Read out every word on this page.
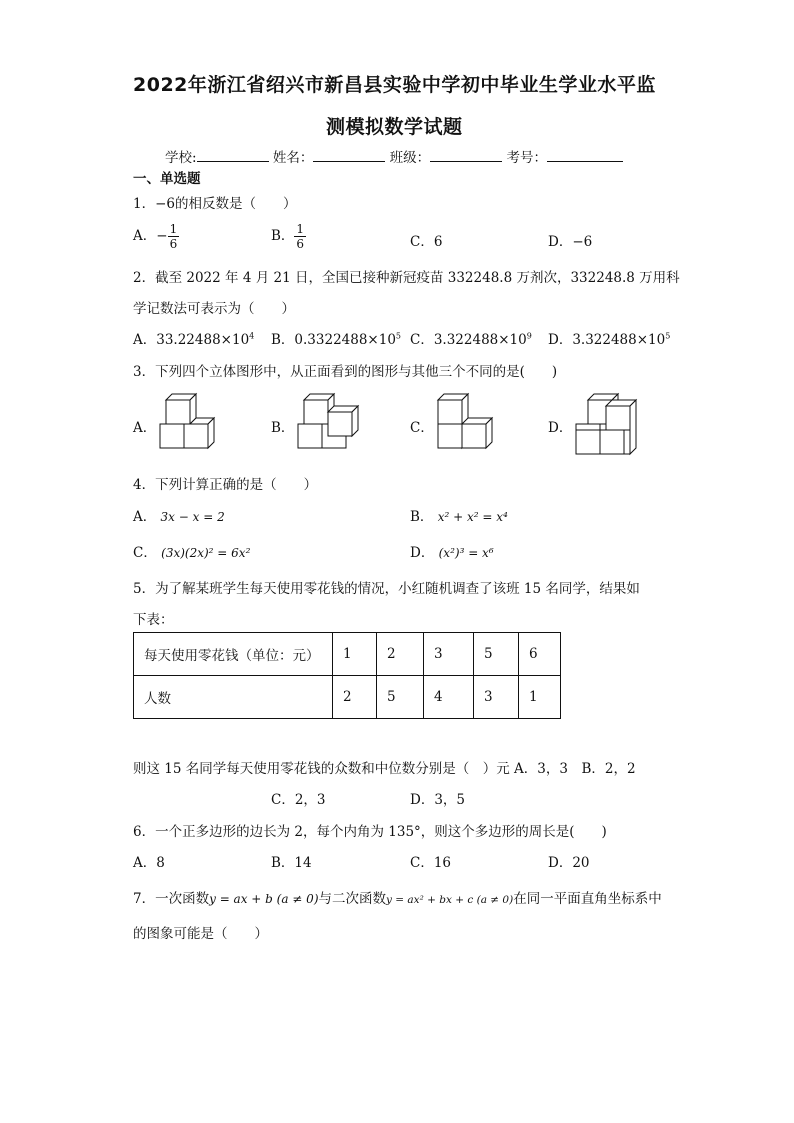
2022年浙江省绍兴市新昌县实验中学初中毕业生学业水平监
测模拟数学试题
学校:	姓名：	班级：	考号：
一、单选题
1．−6的相反数是（　　）
A．− $\frac{1}{6}$	B． $\frac{1}{6}$	C．6	D．−6
2．截至 2022 年 4 月 21 日，全国已接种新冠疫苗 332248.8 万剂次，332248.8 万用科
学记数法可表示为（　　）
A．$33.22488\times 10^4$ B．$0.3322488\times 10^5$ C．$3.322488\times 10^9$ D．$3.322488\times 10^5$
3．下列四个立体图形中，从正面看到的图形与其他三个不同的是(　　)
A．	B．	C．	D．
4．下列计算正确的是（　　）
A． 3x − x = 2	B． x² + x² = x⁴
C． (3x)(2x)² = 6x²	D． (x²)³ = x⁶
5．为了解某班学生每天使用零花钱的情况，小红随机调查了该班 15 名同学，结果如
下表：
每天使用零花钱（单位：元）	1	2	3	5	6
人数	2	5	4	3	1
则这 15 名同学每天使用零花钱的众数和中位数分别是（　）元 A．3，3　B．2，2
C．2，3	D．3，5
6．一个正多边形的边长为 2，每个内角为 135°，则这个多边形的周长是(　　)
A．8	B．14	C．16	D．20
7．一次函数y = ax + b (a ≠ 0)与二次函数y = ax² + bx + c (a ≠ 0)在同一平面直角坐标系中
的图象可能是（　　）
